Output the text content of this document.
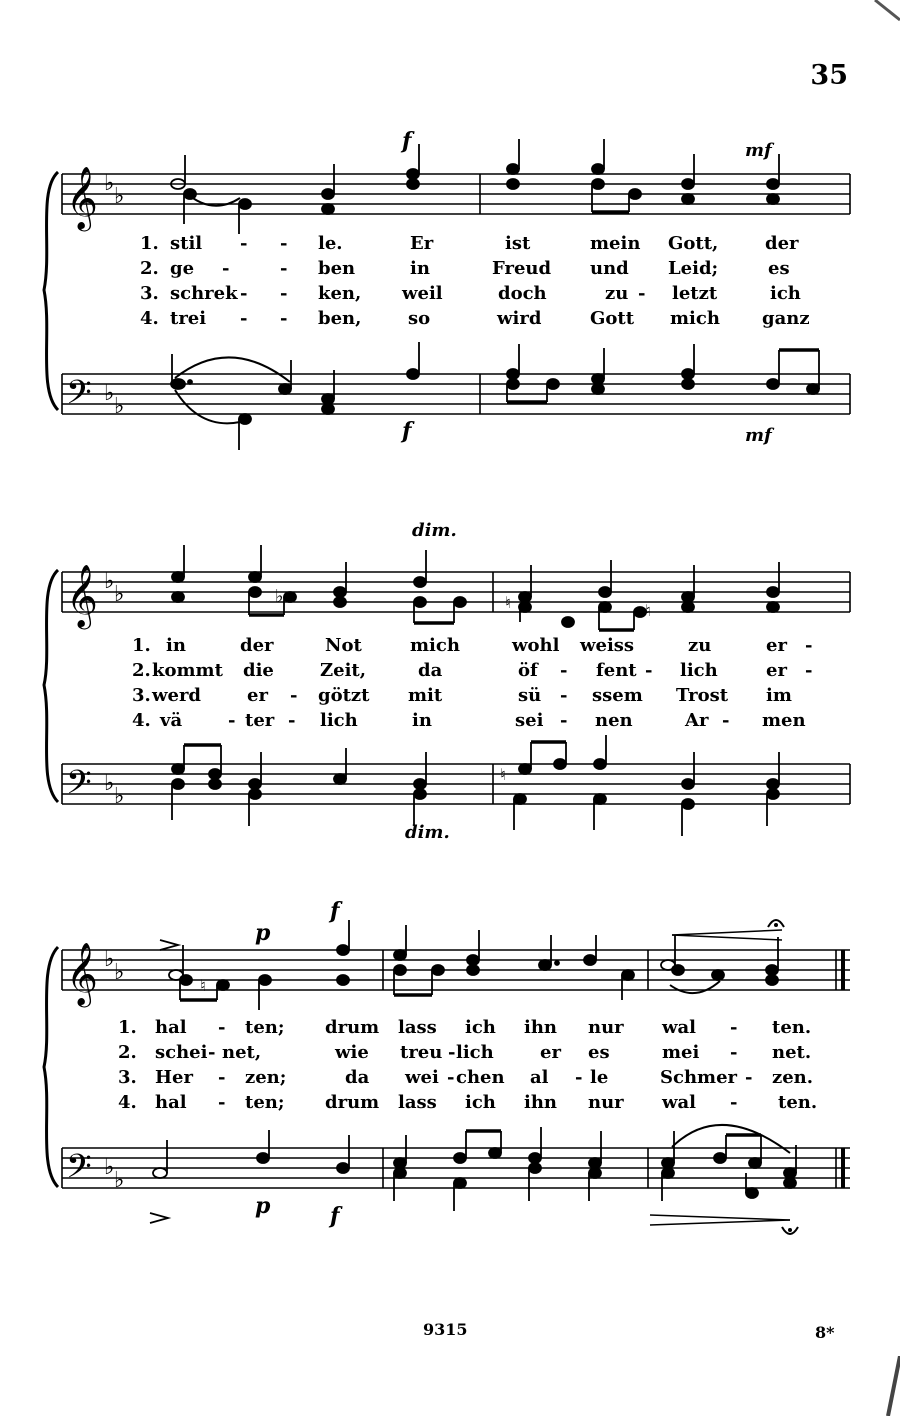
35
𝄞
𝄢
♭
♭
♭
♭
f	mf
f	mf
1. stil - - le.	Er	ist	mein Gott,	der
2. ge -	- ben	in	Freud und Leid;	es
3. schrek - - ken, weil	doch	zu - letzt	ich
4. trei - - ben,	so	wird	Gott mich ganz
𝄞
𝄢
♭
♭
♭
♭
♮	♮
♭
♮
dim.
dim.
1. in	der	Not	mich	wohl weiss	zu	er -
2. kommt die	Zeit,	da	öf - fent - lich	er -
3. werd	er - götzt mit	sü - ssem Trost im
4. vä	- ter - lich	in	sei - nen	Ar - men
𝄞
𝄢
♭
♭
♭
♭
♮
p
f
p	f
1. hal - ten; drum lass ich ihn nur wal - ten.
2. schei - net,	wie treu - lich	er es	mei - net.
3. Her - zen;	da wei - chen al - le	Schmer - zen.
4. hal - ten; drum lass ich ihn nur wal - ten.
9315	8*
